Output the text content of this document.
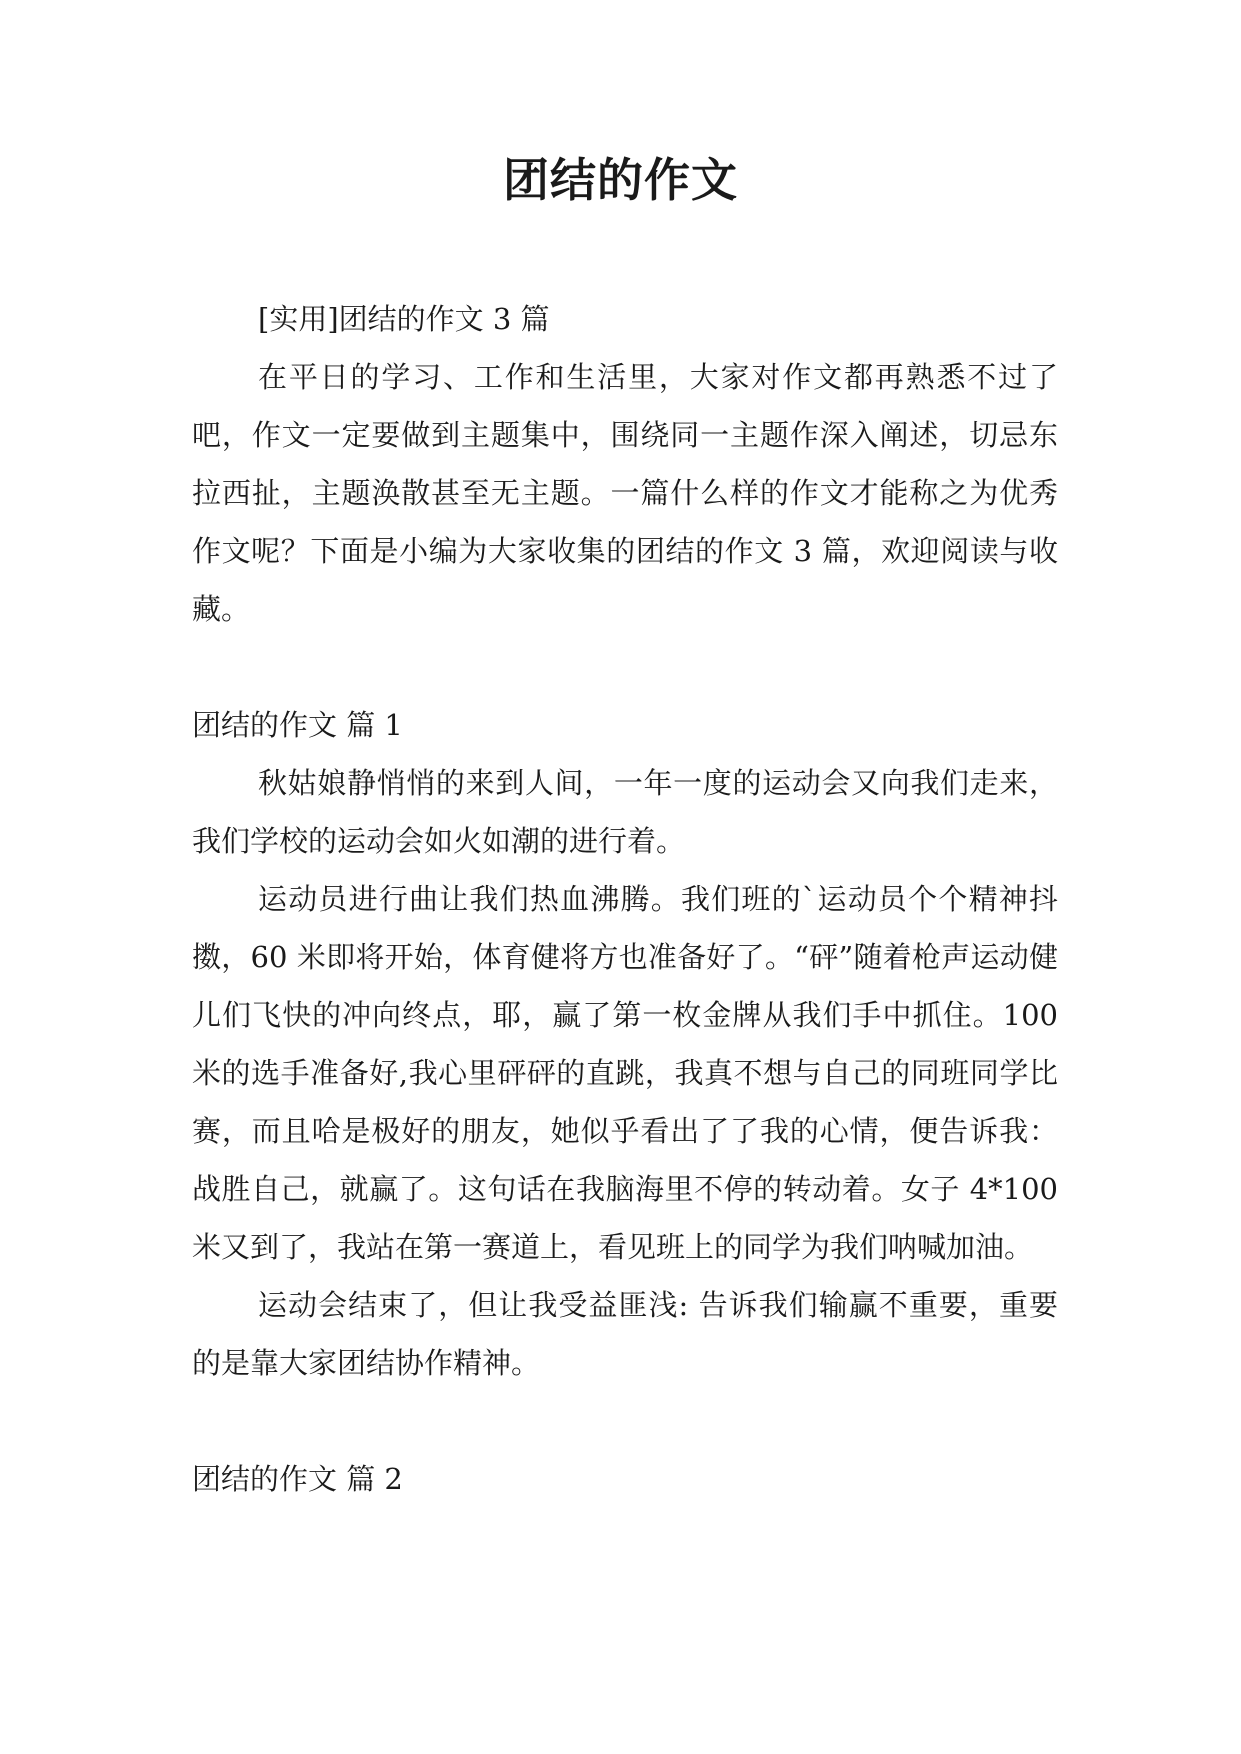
团结的作文

[实用]团结的作文 3 篇

在平日的学习、工作和生活里，大家对作文都再熟悉不过了吧，作文一定要做到主题集中，围绕同一主题作深入阐述，切忌东拉西扯，主题涣散甚至无主题。一篇什么样的作文才能称之为优秀作文呢？下面是小编为大家收集的团结的作文 3 篇，欢迎阅读与收藏。

团结的作文 篇 1

秋姑娘静悄悄的来到人间，一年一度的运动会又向我们走来，我们学校的运动会如火如潮的进行着。

运动员进行曲让我们热血沸腾。我们班的`运动员个个精神抖擞，60 米即将开始，体育健将方也准备好了。“砰”随着枪声运动健儿们飞快的冲向终点，耶，赢了第一枚金牌从我们手中抓住。100 米的选手准备好,我心里砰砰的直跳，我真不想与自己的同班同学比赛，而且哈是极好的朋友，她似乎看出了了我的心情，便告诉我：战胜自己，就赢了。这句话在我脑海里不停的转动着。女子 4*100 米又到了，我站在第一赛道上，看见班上的同学为我们呐喊加油。

运动会结束了，但让我受益匪浅: 告诉我们输赢不重要，重要的是靠大家团结协作精神。

团结的作文 篇 2
